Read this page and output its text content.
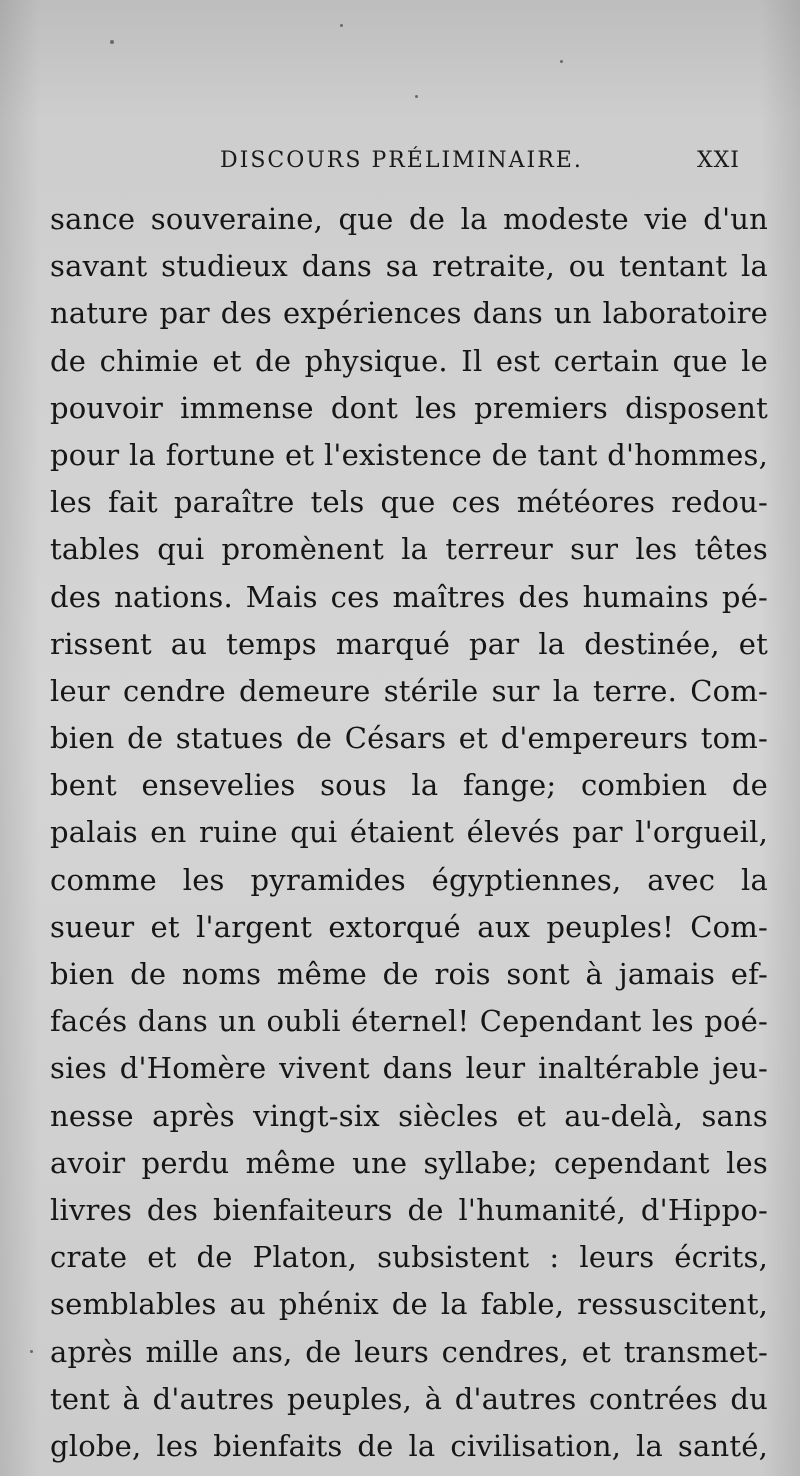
DISCOURS PRÉLIMINAIRE.	XXI
sance souveraine, que de la modeste vie d'un
savant studieux dans sa retraite, ou tentant la
nature par des expériences dans un laboratoire
de chimie et de physique. Il est certain que le
pouvoir immense dont les premiers disposent
pour la fortune et l'existence de tant d'hommes,
les fait paraître tels que ces météores redou-
tables qui promènent la terreur sur les têtes
des nations. Mais ces maîtres des humains pé-
rissent au temps marqué par la destinée, et
leur cendre demeure stérile sur la terre. Com-
bien de statues de Césars et d'empereurs tom-
bent ensevelies sous la fange; combien de
palais en ruine qui étaient élevés par l'orgueil,
comme les pyramides égyptiennes, avec la
sueur et l'argent extorqué aux peuples! Com-
bien de noms même de rois sont à jamais ef-
facés dans un oubli éternel! Cependant les poé-
sies d'Homère vivent dans leur inaltérable jeu-
nesse après vingt-six siècles et au-delà, sans
avoir perdu même une syllabe; cependant les
livres des bienfaiteurs de l'humanité, d'Hippo-
crate et de Platon, subsistent : leurs écrits,
semblables au phénix de la fable, ressuscitent,
après mille ans, de leurs cendres, et transmet-
tent à d'autres peuples, à d'autres contrées du
globe, les bienfaits de la civilisation, la santé,
